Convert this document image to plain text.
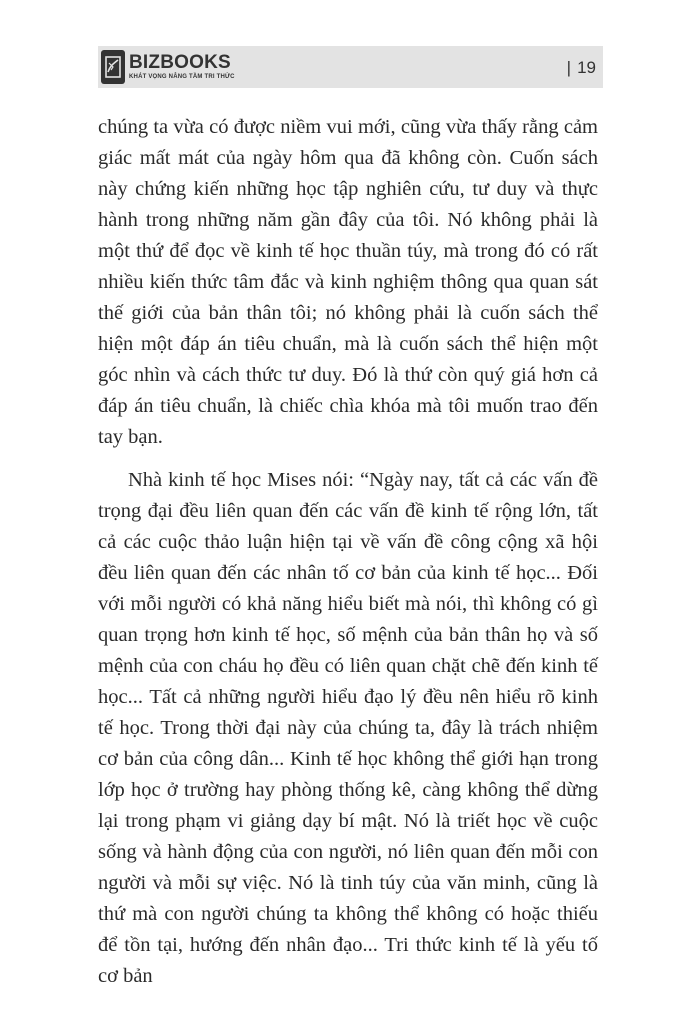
BIZBOOKS
KHÁT VỌNG NÂNG TẦM TRI THỨC	| 19

chúng ta vừa có được niềm vui mới, cũng vừa thấy rằng cảm giác mất mát của ngày hôm qua đã không còn. Cuốn sách này chứng kiến những học tập nghiên cứu, tư duy và thực hành trong những năm gần đây của tôi. Nó không phải là một thứ để đọc về kinh tế học thuần túy, mà trong đó có rất nhiều kiến thức tâm đắc và kinh nghiệm thông qua quan sát thế giới của bản thân tôi; nó không phải là cuốn sách thể hiện một đáp án tiêu chuẩn, mà là cuốn sách thể hiện một góc nhìn và cách thức tư duy. Đó là thứ còn quý giá hơn cả đáp án tiêu chuẩn, là chiếc chìa khóa mà tôi muốn trao đến tay bạn.

Nhà kinh tế học Mises nói: “Ngày nay, tất cả các vấn đề trọng đại đều liên quan đến các vấn đề kinh tế rộng lớn, tất cả các cuộc thảo luận hiện tại về vấn đề công cộng xã hội đều liên quan đến các nhân tố cơ bản của kinh tế học... Đối với mỗi người có khả năng hiểu biết mà nói, thì không có gì quan trọng hơn kinh tế học, số mệnh của bản thân họ và số mệnh của con cháu họ đều có liên quan chặt chẽ đến kinh tế học... Tất cả những người hiểu đạo lý đều nên hiểu rõ kinh tế học. Trong thời đại này của chúng ta, đây là trách nhiệm cơ bản của công dân... Kinh tế học không thể giới hạn trong lớp học ở trường hay phòng thống kê, càng không thể dừng lại trong phạm vi giảng dạy bí mật. Nó là triết học về cuộc sống và hành động của con người, nó liên quan đến mỗi con người và mỗi sự việc. Nó là tinh túy của văn minh, cũng là thứ mà con người chúng ta không thể không có hoặc thiếu để tồn tại, hướng đến nhân đạo... Tri thức kinh tế là yếu tố cơ bản
